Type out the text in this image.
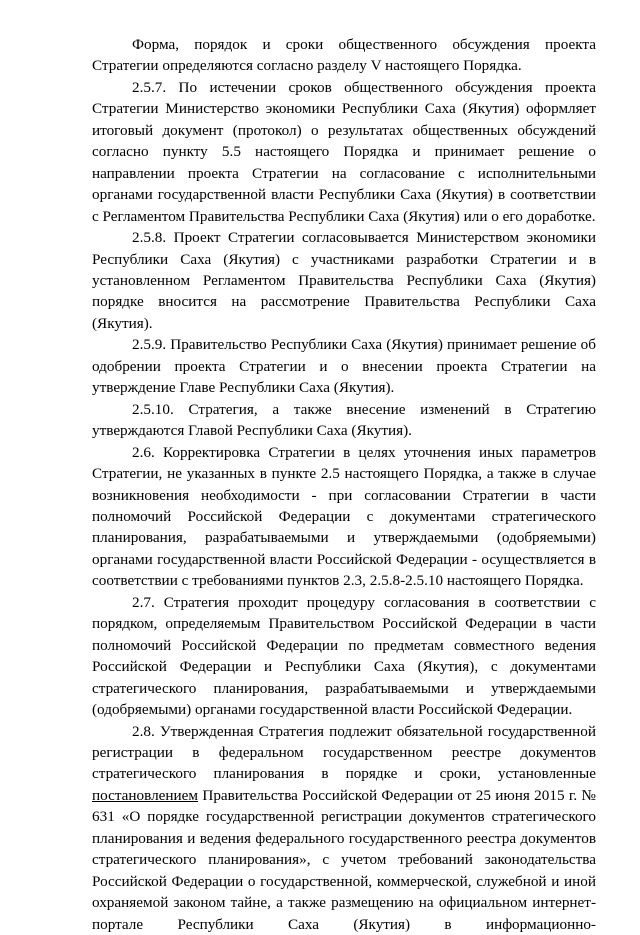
Форма, порядок и сроки общественного обсуждения проекта Стратегии определяются согласно разделу V настоящего Порядка.

2.5.7. По истечении сроков общественного обсуждения проекта Стратегии Министерство экономики Республики Саха (Якутия) оформляет итоговый документ (протокол) о результатах общественных обсуждений согласно пункту 5.5 настоящего Порядка и принимает решение о направлении проекта Стратегии на согласование с исполнительными органами государственной власти Республики Саха (Якутия) в соответствии с Регламентом Правительства Республики Саха (Якутия) или о его доработке.

2.5.8. Проект Стратегии согласовывается Министерством экономики Республики Саха (Якутия) с участниками разработки Стратегии и в установленном Регламентом Правительства Республики Саха (Якутия) порядке вносится на рассмотрение Правительства Республики Саха (Якутия).

2.5.9. Правительство Республики Саха (Якутия) принимает решение об одобрении проекта Стратегии и о внесении проекта Стратегии на утверждение Главе Республики Саха (Якутия).

2.5.10. Стратегия, а также внесение изменений в Стратегию утверждаются Главой Республики Саха (Якутия).

2.6. Корректировка Стратегии в целях уточнения иных параметров Стратегии, не указанных в пункте 2.5 настоящего Порядка, а также в случае возникновения необходимости - при согласовании Стратегии в части полномочий Российской Федерации с документами стратегического планирования, разрабатываемыми и утверждаемыми (одобряемыми) органами государственной власти Российской Федерации - осуществляется в соответствии с требованиями пунктов 2.3, 2.5.8-2.5.10 настоящего Порядка.

2.7. Стратегия проходит процедуру согласования в соответствии с порядком, определяемым Правительством Российской Федерации в части полномочий Российской Федерации по предметам совместного ведения Российской Федерации и Республики Саха (Якутия), с документами стратегического планирования, разрабатываемыми и утверждаемыми (одобряемыми) органами государственной власти Российской Федерации.

2.8. Утвержденная Стратегия подлежит обязательной государственной регистрации в федеральном государственном реестре документов стратегического планирования в порядке и сроки, установленные постановлением Правительства Российской Федерации от 25 июня 2015 г. № 631 «О порядке государственной регистрации документов стратегического планирования и ведения федерального государственного реестра документов стратегического планирования», с учетом требований законодательства Российской Федерации о государственной, коммерческой, служебной и иной охраняемой законом тайне, а также размещению на официальном интернет-портале Республики Саха (Якутия) в информационно-
